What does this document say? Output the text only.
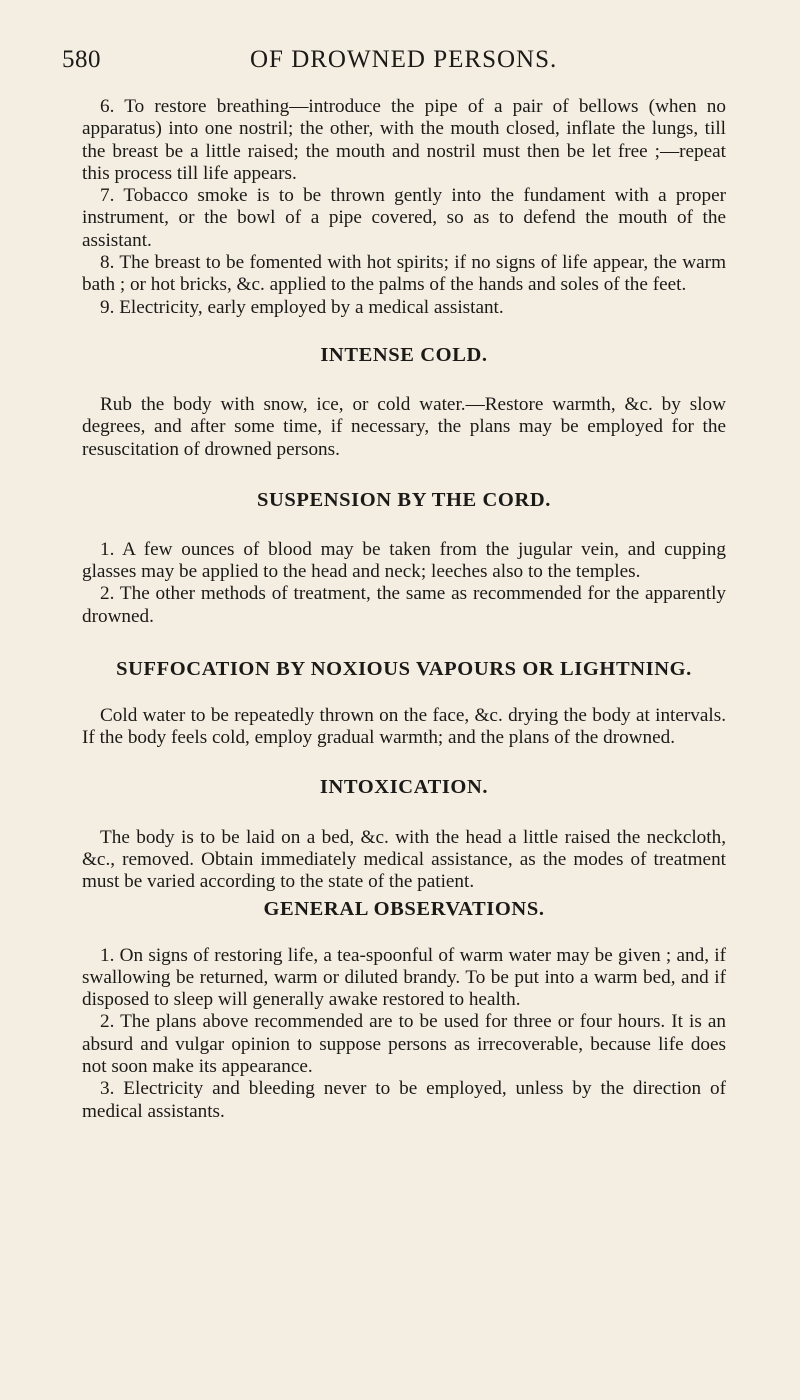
580	OF DROWNED PERSONS.

6. To restore breathing—introduce the pipe of a pair of bellows (when no apparatus) into one nostril; the other, with the mouth closed, inflate the lungs, till the breast be a little raised; the mouth and nostril must then be let free ;—repeat this process till life appears.

7. Tobacco smoke is to be thrown gently into the fundament with a proper instrument, or the bowl of a pipe covered, so as to defend the mouth of the assistant.

8. The breast to be fomented with hot spirits; if no signs of life appear, the warm bath ; or hot bricks, &c. applied to the palms of the hands and soles of the feet.

9. Electricity, early employed by a medical assistant.

INTENSE COLD.

Rub the body with snow, ice, or cold water.—Restore warmth, &c. by slow degrees, and after some time, if necessary, the plans may be employed for the resuscitation of drowned persons.

SUSPENSION BY THE CORD.

1. A few ounces of blood may be taken from the jugular vein, and cupping glasses may be applied to the head and neck; leeches also to the temples.

2. The other methods of treatment, the same as recommended for the apparently drowned.

SUFFOCATION BY NOXIOUS VAPOURS OR LIGHTNING.

Cold water to be repeatedly thrown on the face, &c. drying the body at intervals. If the body feels cold, employ gradual warmth; and the plans of the drowned.

INTOXICATION.

The body is to be laid on a bed, &c. with the head a little raised the neckcloth, &c., removed. Obtain immediately medical assistance, as the modes of treatment must be varied according to the state of the patient.

GENERAL OBSERVATIONS.

1. On signs of restoring life, a tea-spoonful of warm water may be given ; and, if swallowing be returned, warm or diluted brandy. To be put into a warm bed, and if disposed to sleep will generally awake restored to health.

2. The plans above recommended are to be used for three or four hours. It is an absurd and vulgar opinion to suppose persons as irrecoverable, because life does not soon make its appearance.

3. Electricity and bleeding never to be employed, unless by the direction of medical assistants.
